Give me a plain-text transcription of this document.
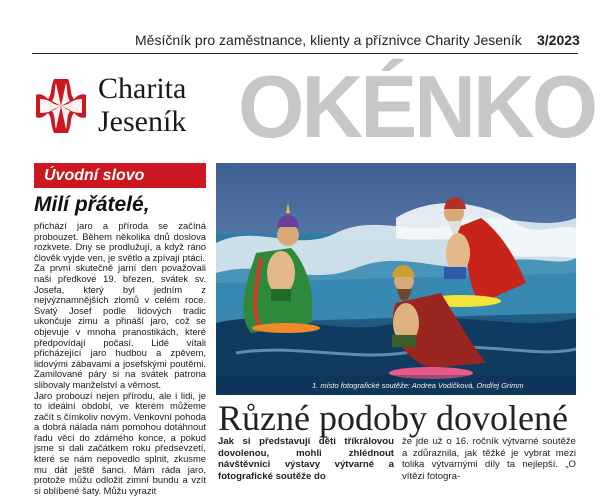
Měsíčník pro zaměstnance, klienty a příznivce Charity Jeseník 3/2023
Charita
Jeseník OKÉNKO
Úvodní slovo
Milí přátelé,

přichází jaro a příroda se začíná probouzet. Během několika dnů doslova rozkvete. Dny se prodlužují, a když ráno člověk vyjde ven, je světlo a zpívají ptáci.

Za první skutečně jarní den považovali naši předkové 19. březen, svátek sv. Josefa, který byl jedním z nejvýznamnějších zlomů v celém roce. Svatý Josef podle lidových tradic ukončuje zimu a přináší jaro, což se objevuje v mnoha pranostikách, které předpovídají počasí. Lidé vítali přicházející jaro hudbou a zpěvem, lidovými zábavami a josefskými poutěmi. Zamilované páry si na svátek patrona slibovaly manželství a věrnost.

Jaro probouzí nejen přírodu, ale i lidi, je to ideální období, ve kterém můžeme začít s čímkoliv novým. Venkovní pohoda a dobrá nálada nám pomohou dotáhnout řadu věcí do zdárného konce, a pokud jsme si dali začátkem roku předsevzetí, které se nám nepovedlo splnit, zkusme mu dát ještě šanci. Mám ráda jaro, protože můžu odložit zimní bundu a vzít si oblíbené šaty. Můžu vyrazit

1. místo fotografické soutěže: Andrea Vodičková, Ondřej Grimm
Různé podoby dovolené
Jak si představují děti tříkrálovou dovolenou, mohli zhlédnout návštěvníci výstavy výtvarné a fotografické soutěže do
že jde už o 16. ročník výtvarné soutěže a zdůraznila, jak těžké je vybrat mezi tolika výtvarnými díly ta nejlepší. „O vítězi fotogra-
